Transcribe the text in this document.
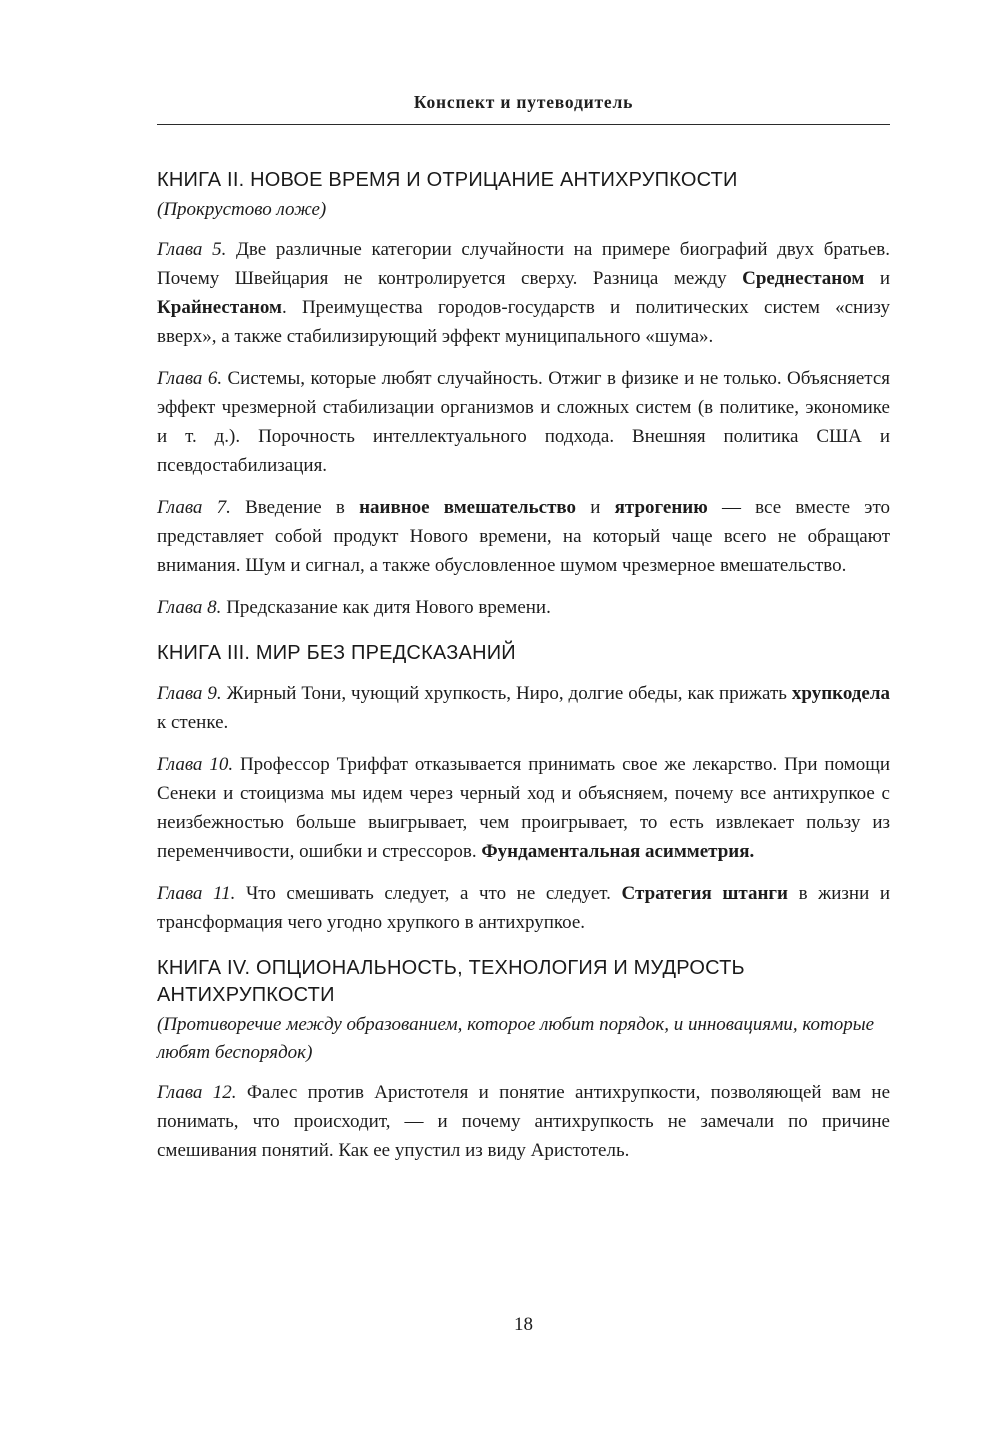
Конспект и путеводитель
КНИГА II. НОВОЕ ВРЕМЯ И ОТРИЦАНИЕ АНТИХРУПКОСТИ
(Прокрустово ложе)

Глава 5. Две различные категории случайности на примере биографий двух братьев. Почему Швейцария не контролируется сверху. Разница между Среднестаном и Крайнестаном. Преимущества городов-государств и политических систем «снизу вверх», а также стабилизирующий эффект муниципального «шума».

Глава 6. Системы, которые любят случайность. Отжиг в физике и не только. Объясняется эффект чрезмерной стабилизации организмов и сложных систем (в политике, экономике и т. д.). Порочность интеллектуального подхода. Внешняя политика США и псевдостабилизация.

Глава 7. Введение в наивное вмешательство и ятрогению — все вместе это представляет собой продукт Нового времени, на который чаще всего не обращают внимания. Шум и сигнал, а также обусловленное шумом чрезмерное вмешательство.

Глава 8. Предсказание как дитя Нового времени.

КНИГА III. МИР БЕЗ ПРЕДСКАЗАНИЙ

Глава 9. Жирный Тони, чующий хрупкость, Ниро, долгие обеды, как прижать хрупкодела к стенке.

Глава 10. Профессор Триффат отказывается принимать свое же лекарство. При помощи Сенеки и стоицизма мы идем через черный ход и объясняем, почему все антихрупкое с неизбежностью больше выигрывает, чем проигрывает, то есть извлекает пользу из переменчивости, ошибки и стрессоров. Фундаментальная асимметрия.

Глава 11. Что смешивать следует, а что не следует. Стратегия штанги в жизни и трансформация чего угодно хрупкого в антихрупкое.

КНИГА IV. ОПЦИОНАЛЬНОСТЬ, ТЕХНОЛОГИЯ И МУДРОСТЬ АНТИХРУПКОСТИ
(Противоречие между образованием, которое любит порядок, и инновациями, которые любят беспорядок)

Глава 12. Фалес против Аристотеля и понятие антихрупкости, позволяющей вам не понимать, что происходит, — и почему антихрупкость не замечали по причине смешивания понятий. Как ее упустил из виду Аристотель.

18
